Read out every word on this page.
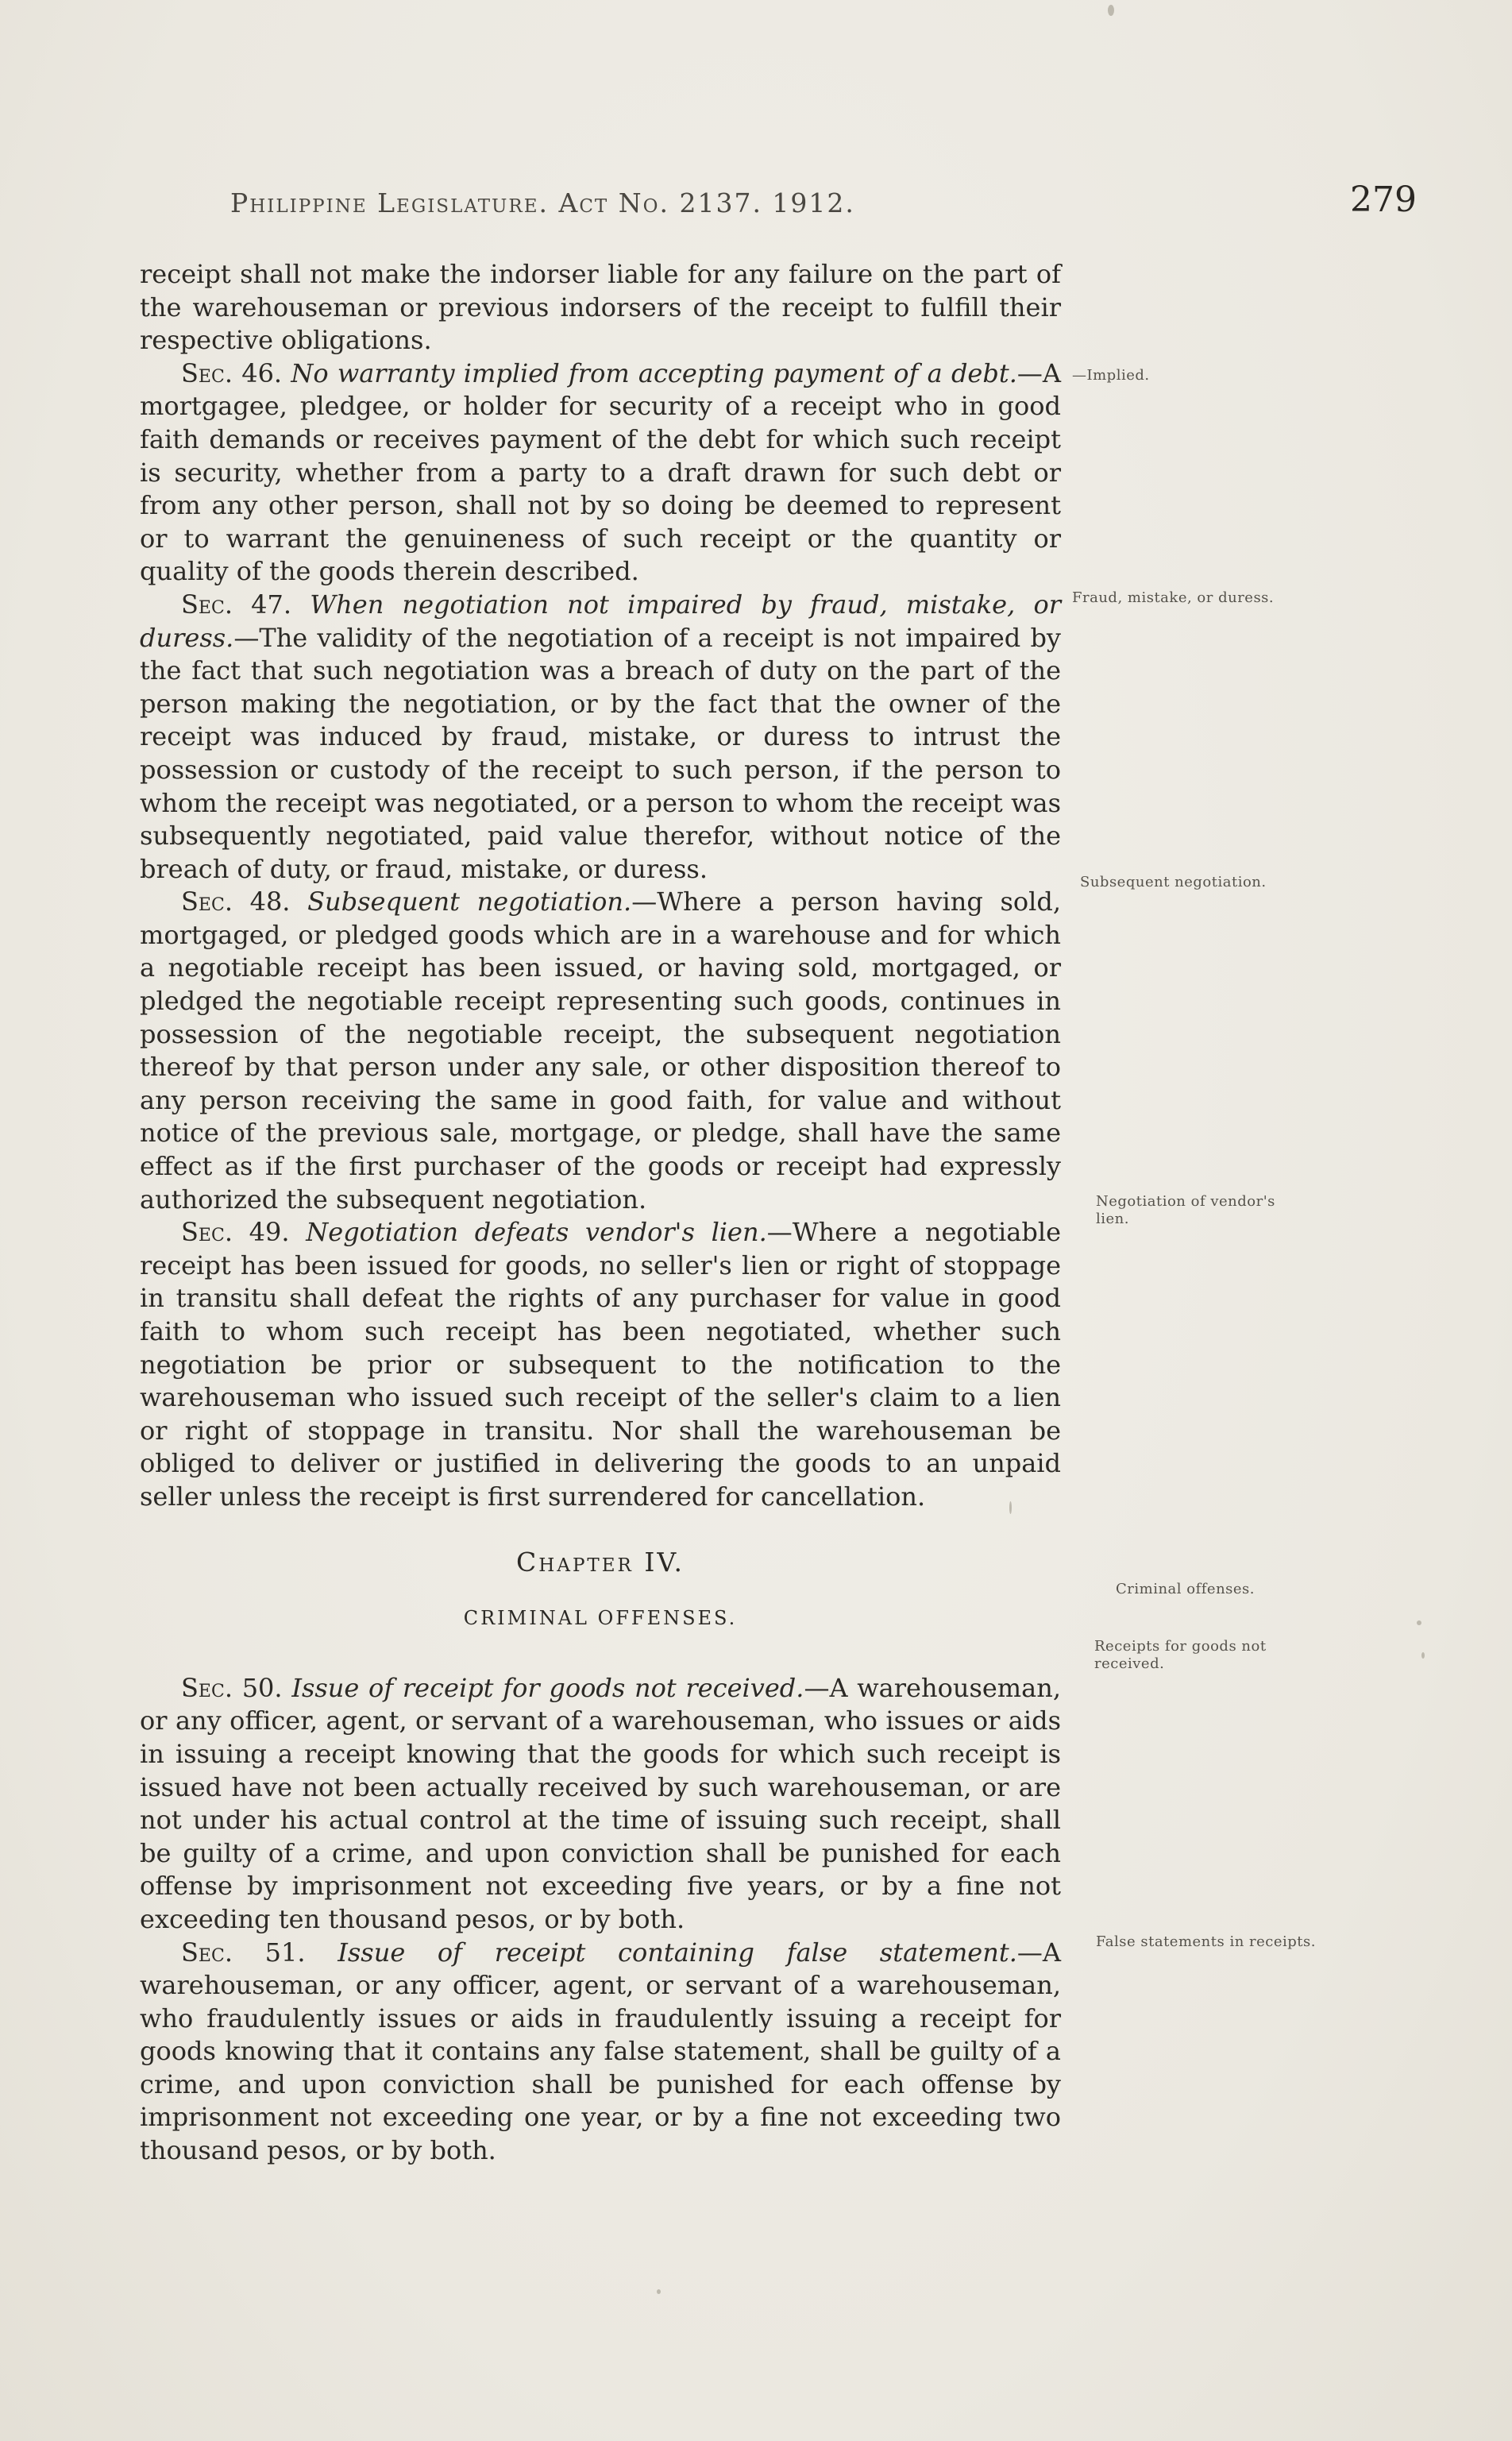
Philippine Legislature. Act No. 2137. 1912.	279
—Implied.
Fraud, mistake, or duress.
Subsequent negotiation.
Negotiation of vendor's lien.
Criminal offenses.
Receipts for goods not received.
False statements in receipts.

receipt shall not make the indorser liable for any failure on the part of the warehouseman or previous indorsers of the receipt to fulfill their respective obligations.

Sec. 46. No warranty implied from accepting payment of a debt.—A mortgagee, pledgee, or holder for security of a receipt who in good faith demands or receives payment of the debt for which such receipt is security, whether from a party to a draft drawn for such debt or from any other person, shall not by so doing be deemed to represent or to warrant the genuineness of such receipt or the quantity or quality of the goods therein described.

Sec. 47. When negotiation not impaired by fraud, mistake, or duress.—The validity of the negotiation of a receipt is not impaired by the fact that such negotiation was a breach of duty on the part of the person making the negotiation, or by the fact that the owner of the receipt was induced by fraud, mistake, or duress to intrust the possession or custody of the receipt to such person, if the person to whom the receipt was negotiated, or a person to whom the receipt was subsequently negotiated, paid value therefor, without notice of the breach of duty, or fraud, mistake, or duress.

Sec. 48. Subsequent negotiation.—Where a person having sold, mortgaged, or pledged goods which are in a warehouse and for which a negotiable receipt has been issued, or having sold, mortgaged, or pledged the negotiable receipt representing such goods, continues in possession of the negotiable receipt, the subsequent negotiation thereof by that person under any sale, or other disposition thereof to any person receiving the same in good faith, for value and without notice of the previous sale, mortgage, or pledge, shall have the same effect as if the first purchaser of the goods or receipt had expressly authorized the subsequent negotiation.

Sec. 49. Negotiation defeats vendor's lien.—Where a negotiable receipt has been issued for goods, no seller's lien or right of stoppage in transitu shall defeat the rights of any purchaser for value in good faith to whom such receipt has been negotiated, whether such negotiation be prior or subsequent to the notification to the warehouseman who issued such receipt of the seller's claim to a lien or right of stoppage in transitu. Nor shall the warehouseman be obliged to deliver or justified in delivering the goods to an unpaid seller unless the receipt is first surrendered for cancellation.

Chapter IV.
CRIMINAL OFFENSES.

Sec. 50. Issue of receipt for goods not received.—A warehouseman, or any officer, agent, or servant of a warehouseman, who issues or aids in issuing a receipt knowing that the goods for which such receipt is issued have not been actually received by such warehouseman, or are not under his actual control at the time of issuing such receipt, shall be guilty of a crime, and upon conviction shall be punished for each offense by imprisonment not exceeding five years, or by a fine not exceeding ten thousand pesos, or by both.

Sec. 51. Issue of receipt containing false statement.—A warehouseman, or any officer, agent, or servant of a warehouseman, who fraudulently issues or aids in fraudulently issuing a receipt for goods knowing that it contains any false statement, shall be guilty of a crime, and upon conviction shall be punished for each offense by imprisonment not exceeding one year, or by a fine not exceeding two thousand pesos, or by both.
